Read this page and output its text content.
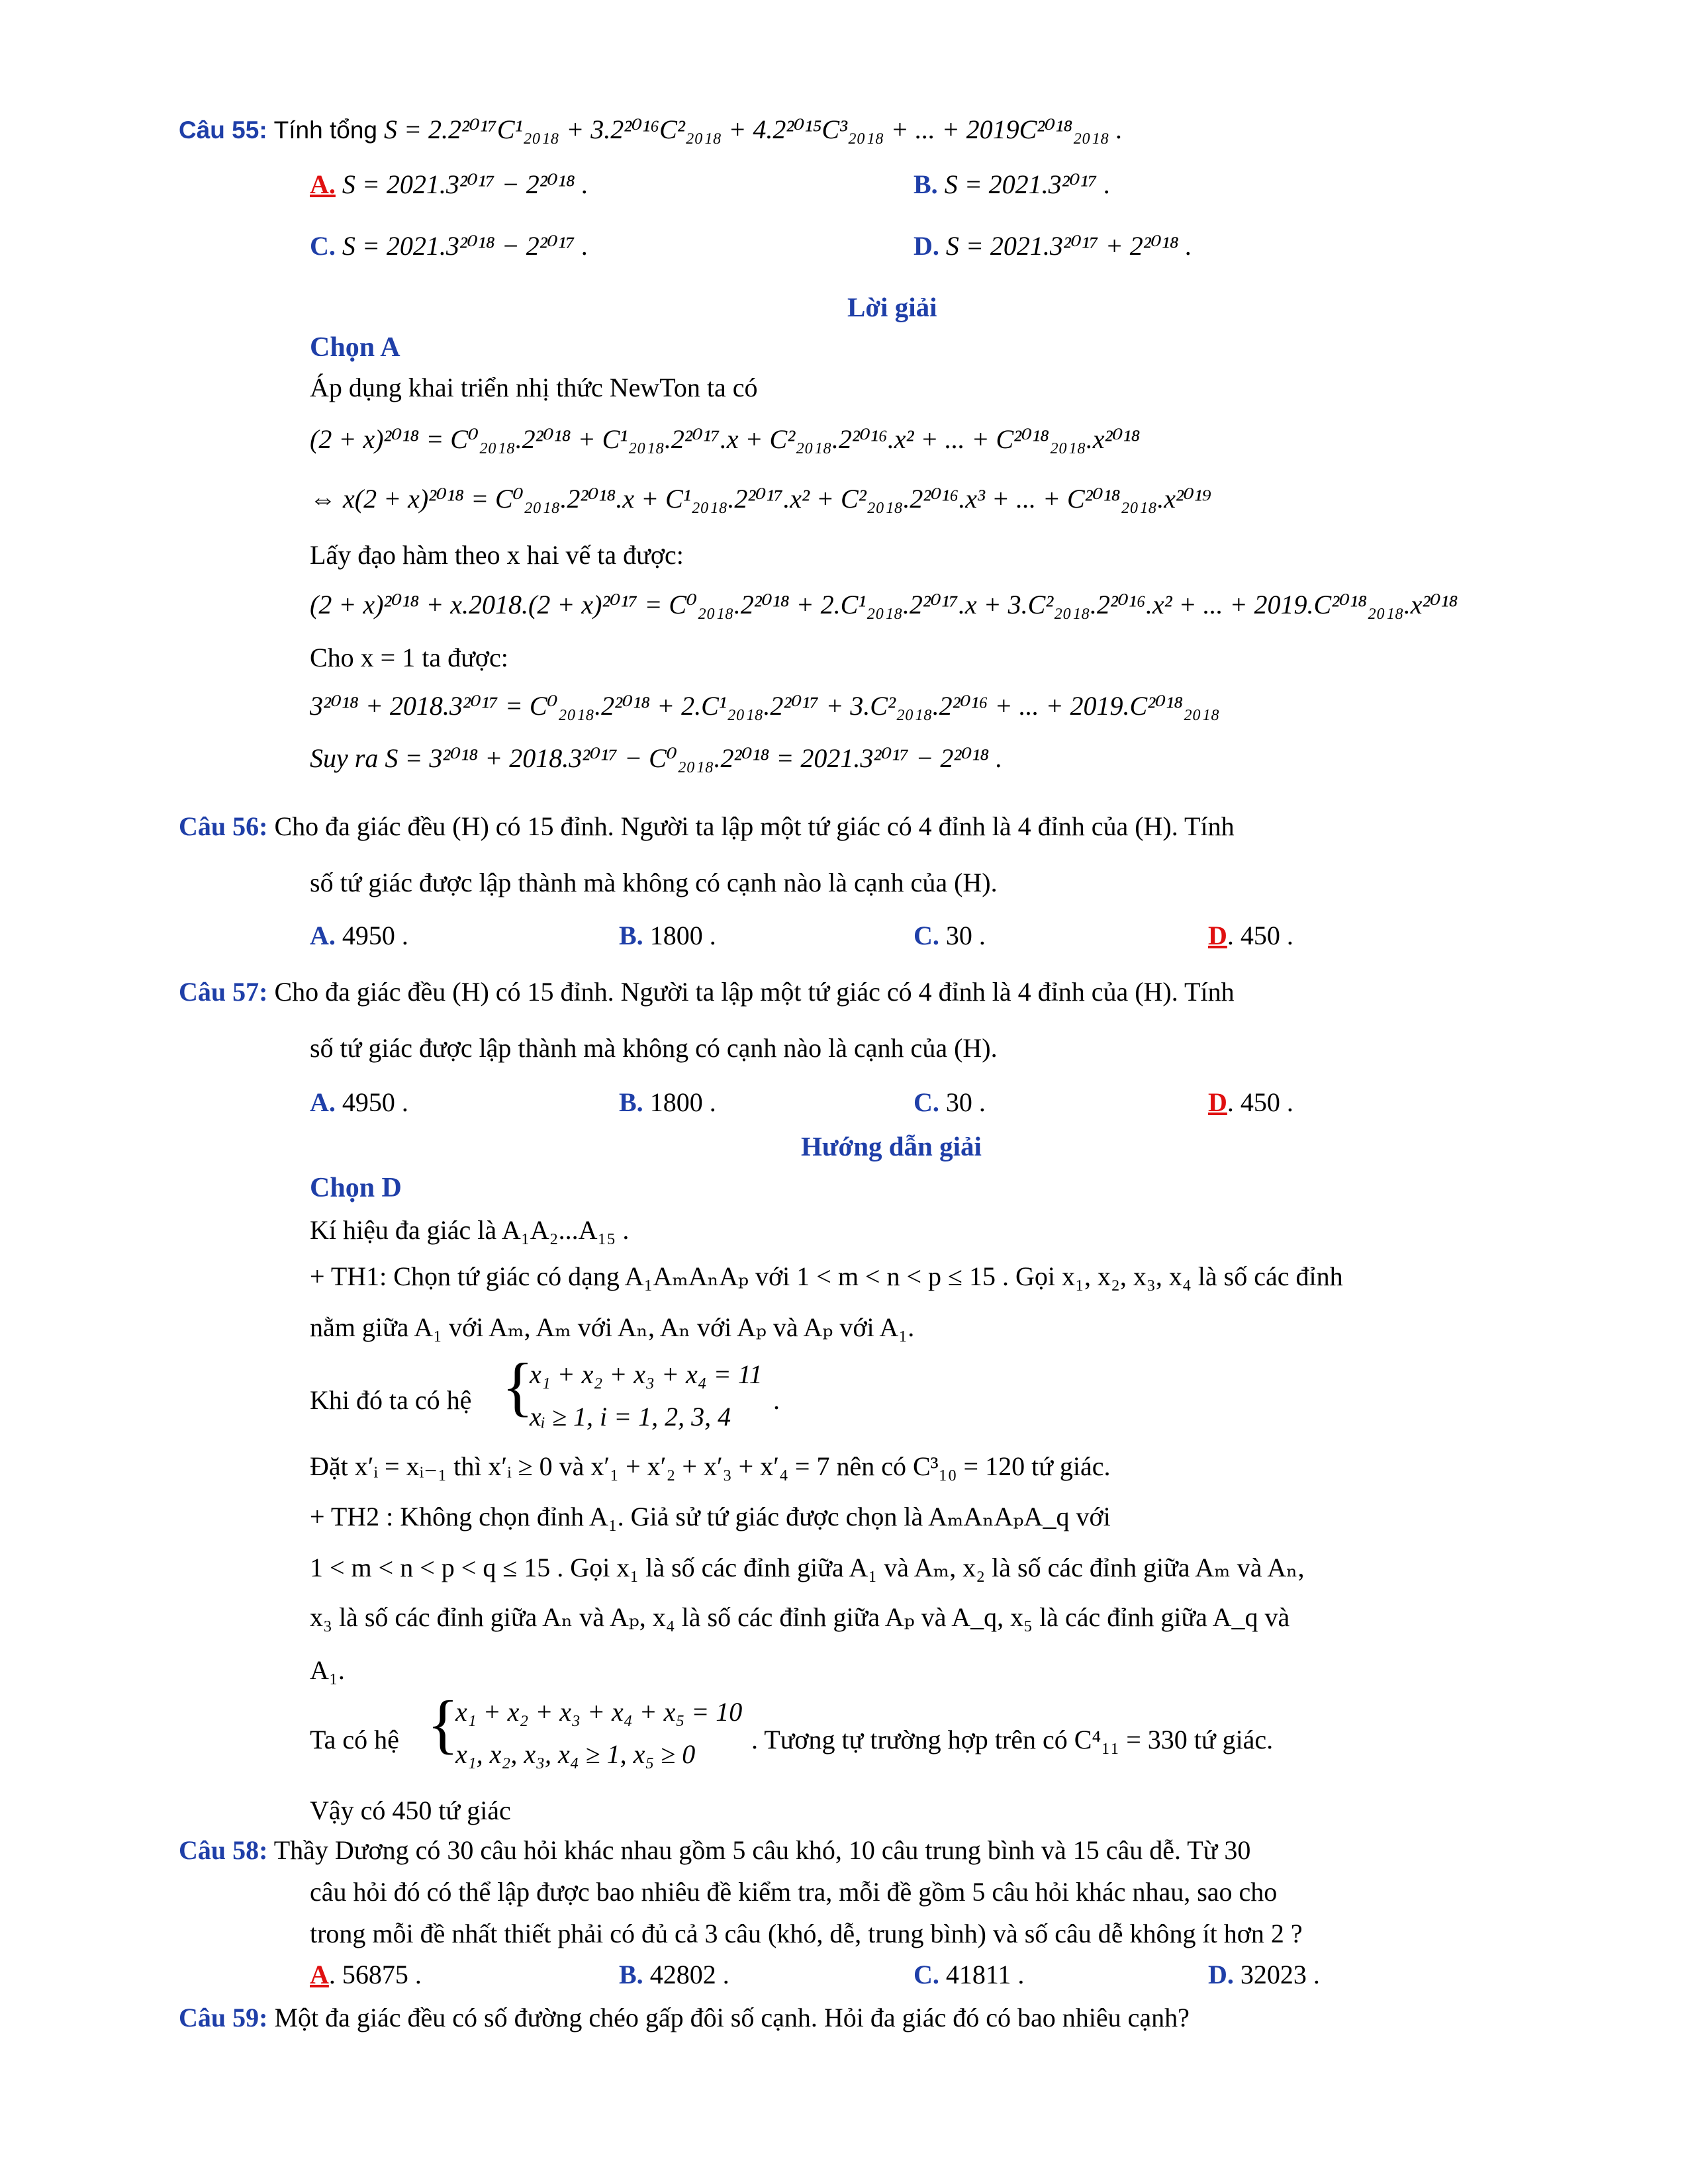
Câu 55: Tính tổng S = 2.2²⁰¹⁷C¹₂₀₁₈ + 3.2²⁰¹⁶C²₂₀₁₈ + 4.2²⁰¹⁵C³₂₀₁₈ + ... + 2019C²⁰¹⁸₂₀₁₈ .
A. S = 2021.3²⁰¹⁷ − 2²⁰¹⁸ .	B. S = 2021.3²⁰¹⁷ .
C. S = 2021.3²⁰¹⁸ − 2²⁰¹⁷ .	D. S = 2021.3²⁰¹⁷ + 2²⁰¹⁸ .
Lời giải
Chọn A
Áp dụng khai triển nhị thức NewTon ta có
(2 + x)²⁰¹⁸ = C⁰₂₀₁₈.2²⁰¹⁸ + C¹₂₀₁₈.2²⁰¹⁷.x + C²₂₀₁₈.2²⁰¹⁶.x² + ... + C²⁰¹⁸₂₀₁₈.x²⁰¹⁸
⇔ x(2 + x)²⁰¹⁸ = C⁰₂₀₁₈.2²⁰¹⁸.x + C¹₂₀₁₈.2²⁰¹⁷.x² + C²₂₀₁₈.2²⁰¹⁶.x³ + ... + C²⁰¹⁸₂₀₁₈.x²⁰¹⁹
Lấy đạo hàm theo x hai vế ta được:
(2 + x)²⁰¹⁸ + x.2018.(2 + x)²⁰¹⁷ = C⁰₂₀₁₈.2²⁰¹⁸ + 2.C¹₂₀₁₈.2²⁰¹⁷.x + 3.C²₂₀₁₈.2²⁰¹⁶.x² + ... + 2019.C²⁰¹⁸₂₀₁₈.x²⁰¹⁸
Cho x = 1 ta được:
3²⁰¹⁸ + 2018.3²⁰¹⁷ = C⁰₂₀₁₈.2²⁰¹⁸ + 2.C¹₂₀₁₈.2²⁰¹⁷ + 3.C²₂₀₁₈.2²⁰¹⁶ + ... + 2019.C²⁰¹⁸₂₀₁₈
Suy ra S = 3²⁰¹⁸ + 2018.3²⁰¹⁷ − C⁰₂₀₁₈.2²⁰¹⁸ = 2021.3²⁰¹⁷ − 2²⁰¹⁸ .
Câu 56: Cho đa giác đều (H) có 15 đỉnh. Người ta lập một tứ giác có 4 đỉnh là 4 đỉnh của (H). Tính
số tứ giác được lập thành mà không có cạnh nào là cạnh của (H).
A. 4950 .	B. 1800 .	C. 30 .	D. 450 .
Câu 57: Cho đa giác đều (H) có 15 đỉnh. Người ta lập một tứ giác có 4 đỉnh là 4 đỉnh của (H). Tính
số tứ giác được lập thành mà không có cạnh nào là cạnh của (H).
A. 4950 .	B. 1800 .	C. 30 .	D. 450 .
Hướng dẫn giải
Chọn D
Kí hiệu đa giác là A₁A₂...A₁₅ .
+ TH1: Chọn tứ giác có dạng A₁AₘAₙAₚ với 1 < m < n < p ≤ 15 . Gọi x₁, x₂, x₃, x₄ là số các đỉnh
nằm giữa A₁ với Aₘ, Aₘ với Aₙ, Aₙ với Aₚ và Aₚ với A₁.
Khi đó ta có hệ {
x₁ + x₂ + x₃ + x₄ = 11
xᵢ ≥ 1, i = 1, 2, 3, 4
.
Đặt x′ᵢ = xᵢ₋₁ thì x′ᵢ ≥ 0 và x′₁ + x′₂ + x′₃ + x′₄ = 7 nên có C³₁₀ = 120 tứ giác.
+ TH2 : Không chọn đỉnh A₁. Giả sử tứ giác được chọn là AₘAₙAₚA_q với
1 < m < n < p < q ≤ 15 . Gọi x₁ là số các đỉnh giữa A₁ và Aₘ, x₂ là số các đỉnh giữa Aₘ và Aₙ,
x₃ là số các đỉnh giữa Aₙ và Aₚ, x₄ là số các đỉnh giữa Aₚ và A_q, x₅ là các đỉnh giữa A_q và
A₁.
Ta có hệ {
x₁ + x₂ + x₃ + x₄ + x₅ = 10
x₁, x₂, x₃, x₄ ≥ 1, x₅ ≥ 0	. Tương tự trường hợp trên có C⁴₁₁ = 330 tứ giác.
Vậy có 450 tứ giác
Câu 58: Thầy Dương có 30 câu hỏi khác nhau gồm 5 câu khó, 10 câu trung bình và 15 câu dễ. Từ 30
câu hỏi đó có thể lập được bao nhiêu đề kiểm tra, mỗi đề gồm 5 câu hỏi khác nhau, sao cho
trong mỗi đề nhất thiết phải có đủ cả 3 câu (khó, dễ, trung bình) và số câu dễ không ít hơn 2 ?
A. 56875 .	B. 42802 .	C. 41811 .	D. 32023 .
Câu 59: Một đa giác đều có số đường chéo gấp đôi số cạnh. Hỏi đa giác đó có bao nhiêu cạnh?
